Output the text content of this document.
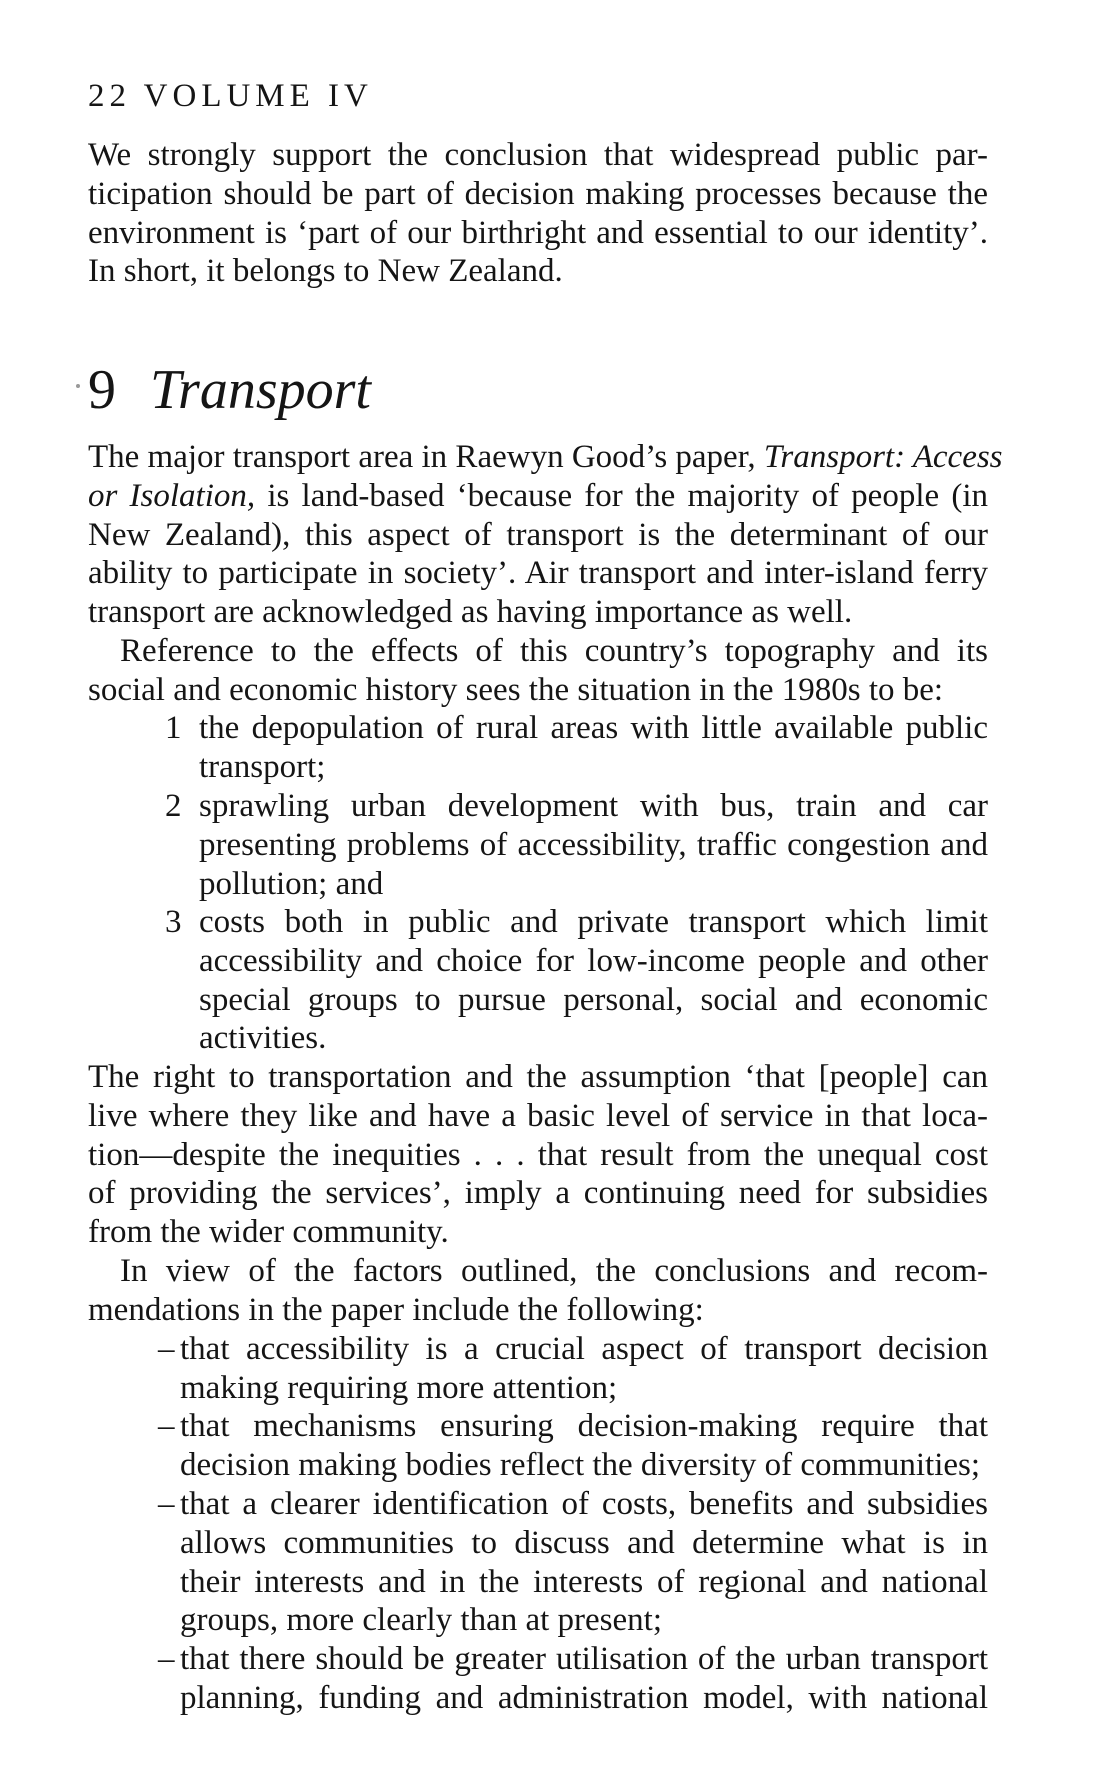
22 VOLUME IV

We strongly support the conclusion that widespread public par-
ticipation should be part of decision making processes because the
environment is ‘part of our birthright and essential to our identity’.
In short, it belongs to New Zealand.

9 Transport

The major transport area in Raewyn Good’s paper, Transport: Access
or Isolation, is land-based ‘because for the majority of people (in
New Zealand), this aspect of transport is the determinant of our
ability to participate in society’. Air transport and inter-island ferry
transport are acknowledged as having importance as well.

Reference to the effects of this country’s topography and its
social and economic history sees the situation in the 1980s to be:

1 the depopulation of rural areas with little available public
transport;
2 sprawling urban development with bus, train and car
presenting problems of accessibility, traffic congestion and
pollution; and
3 costs both in public and private transport which limit
accessibility and choice for low-income people and other
special groups to pursue personal, social and economic
activities.

The right to transportation and the assumption ‘that [people] can
live where they like and have a basic level of service in that loca-
tion—despite the inequities . . . that result from the unequal cost
of providing the services’, imply a continuing need for subsidies
from the wider community.

In view of the factors outlined, the conclusions and recom-
mendations in the paper include the following:

– that accessibility is a crucial aspect of transport decision
making requiring more attention;
– that mechanisms ensuring decision-making require that
decision making bodies reflect the diversity of communities;
– that a clearer identification of costs, benefits and subsidies
allows communities to discuss and determine what is in
their interests and in the interests of regional and national
groups, more clearly than at present;
– that there should be greater utilisation of the urban transport
planning, funding and administration model, with national
